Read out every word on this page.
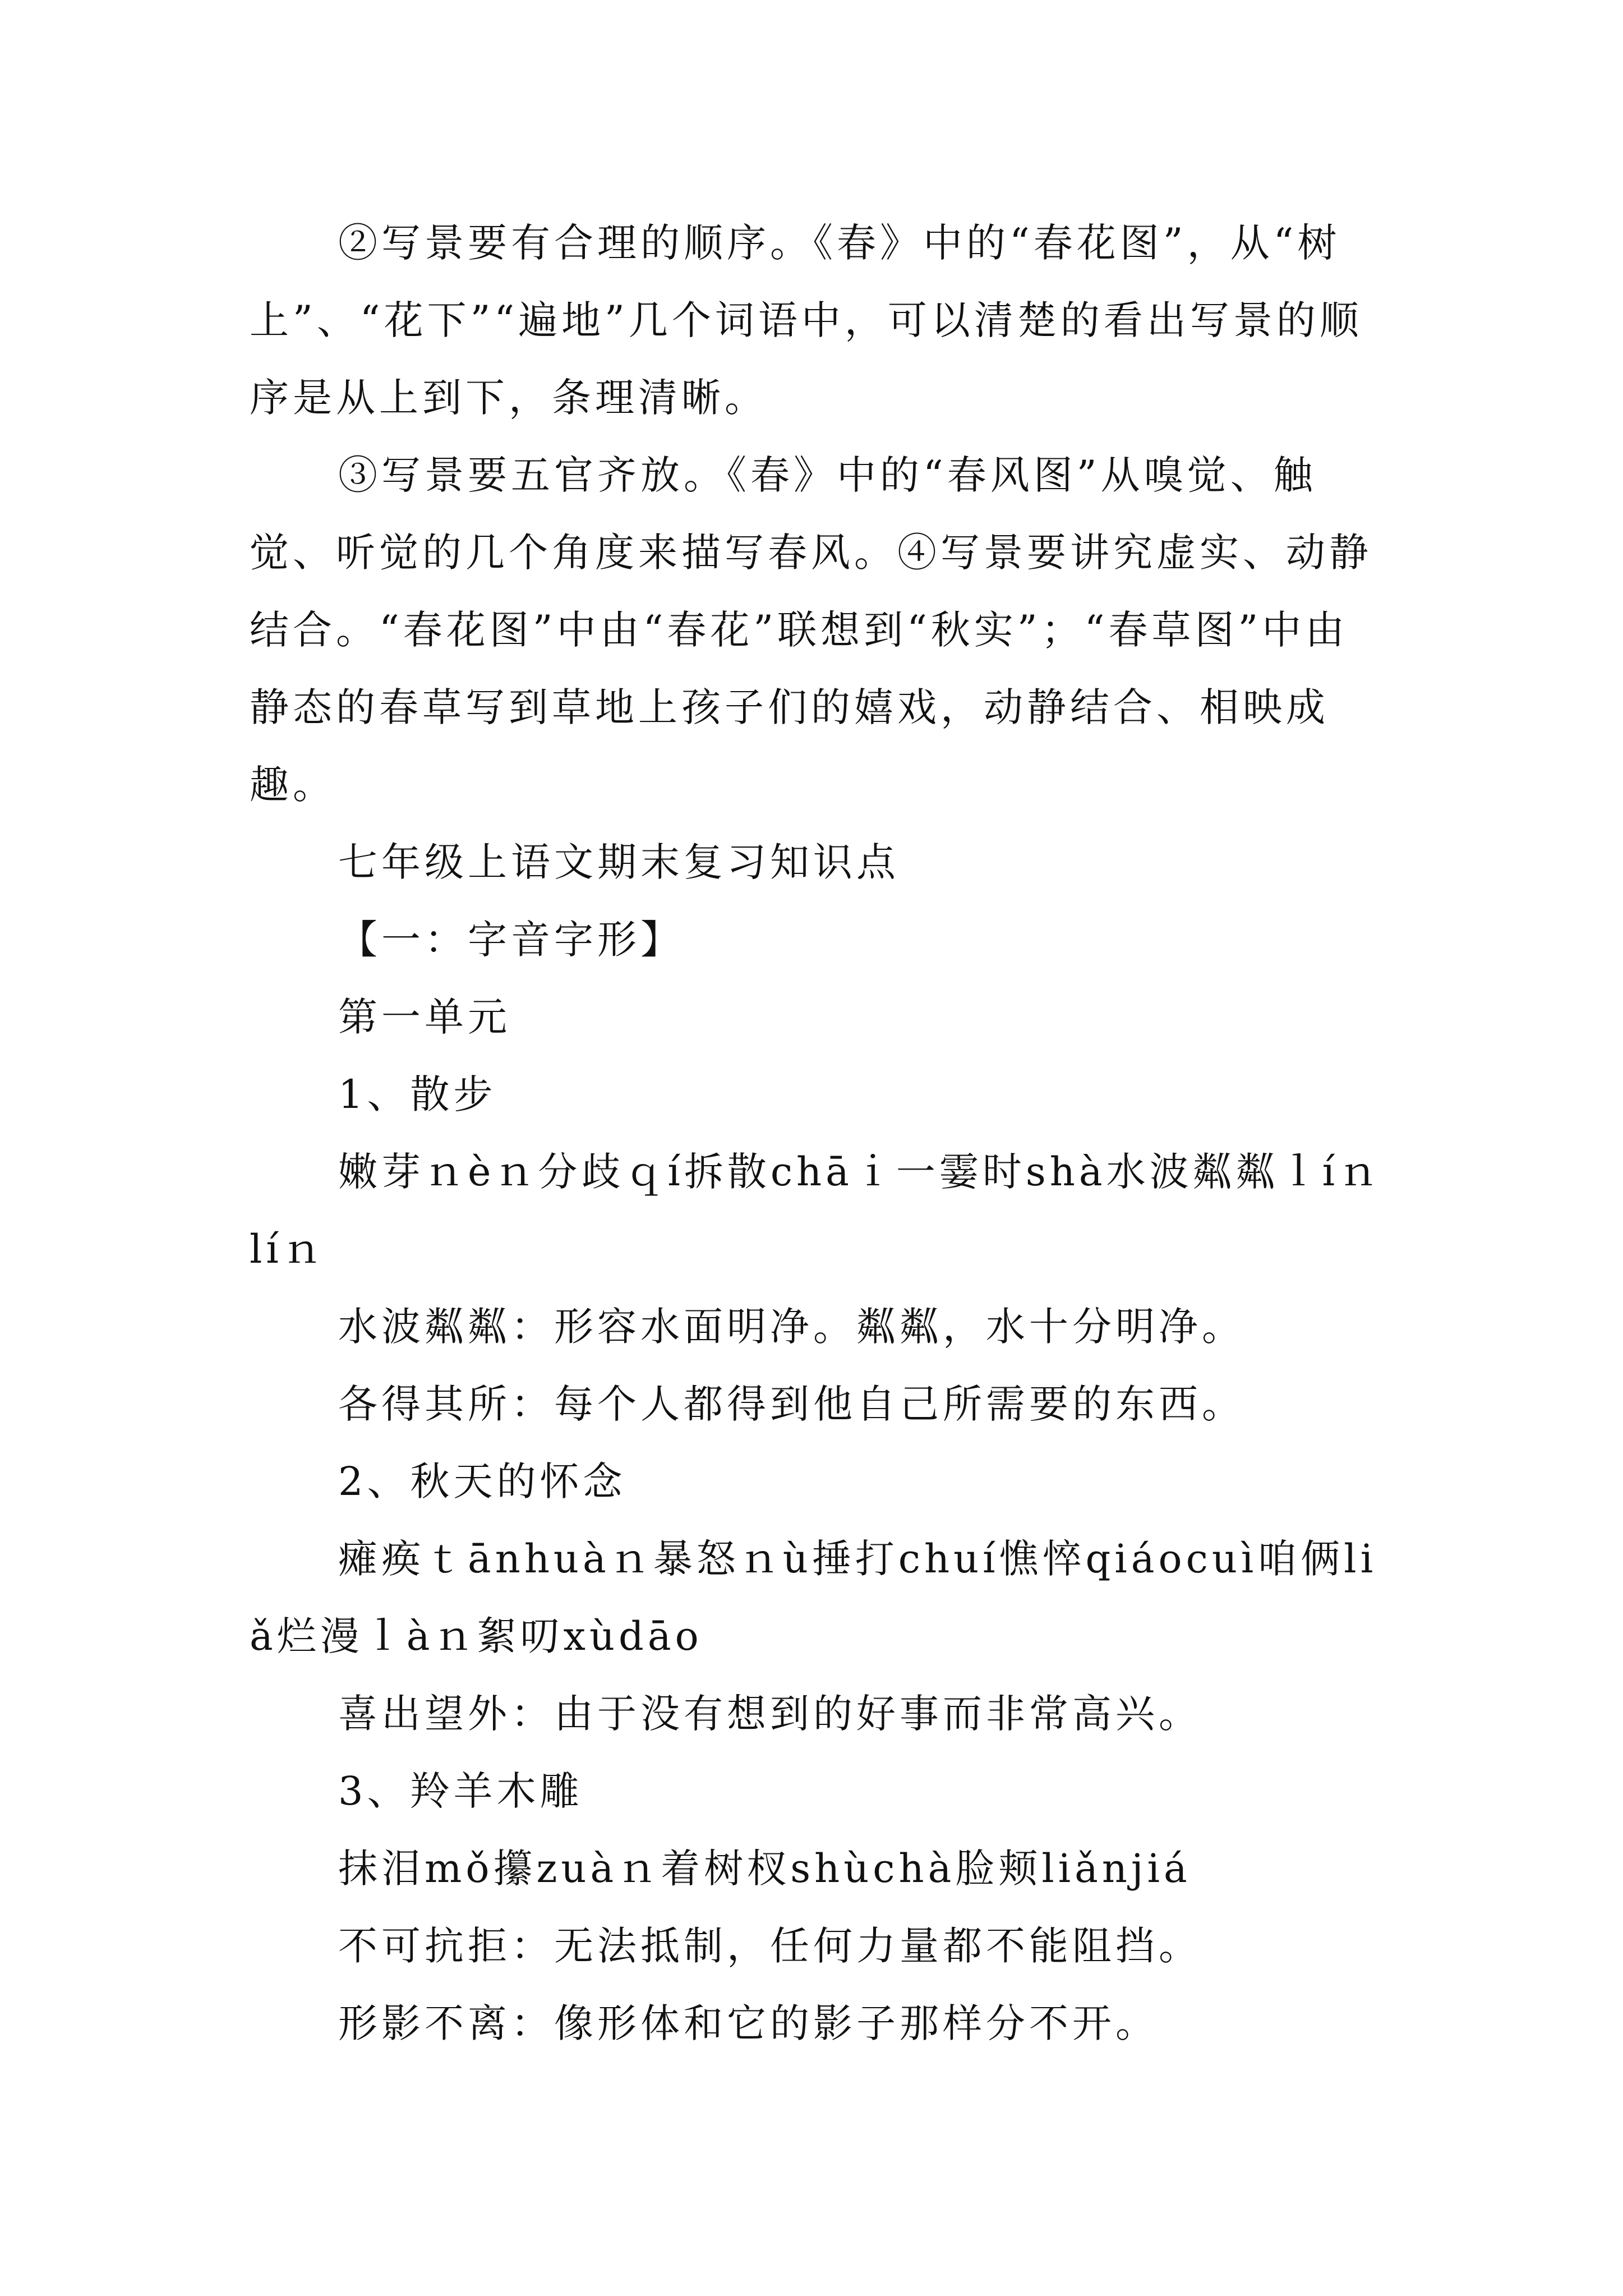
②写景要有合理的顺序。《春》中的“春花图”，从“树上”、“花下”“遍地”几个词语中，可以清楚的看出写景的顺序是从上到下，条理清晰。
③写景要五官齐放。《春》中的“春风图”从嗅觉、触觉、听觉的几个角度来描写春风。④写景要讲究虚实、动静结合。“春花图”中由“春花”联想到“秋实”；“春草图”中由静态的春草写到草地上孩子们的嬉戏，动静结合、相映成趣。
七年级上语文期末复习知识点
【一：字音字形】
第一单元
1、散步
嫩芽ｎèｎ分歧ｑí拆散chāｉ一霎时shà水波粼粼ｌíｎlíｎ
水波粼粼：形容水面明净。粼粼，水十分明净。
各得其所：每个人都得到他自己所需要的东西。
2、秋天的怀念
瘫痪ｔānhuàｎ暴怒ｎù捶打chuí憔悴qiáocuì咱俩liǎ烂漫ｌàｎ絮叨xùdāo
喜出望外：由于没有想到的好事而非常高兴。
3、羚羊木雕
抹泪mǒ攥zuàｎ着树杈shùchà脸颊liǎnjiá
不可抗拒：无法抵制，任何力量都不能阻挡。
形影不离：像形体和它的影子那样分不开。
